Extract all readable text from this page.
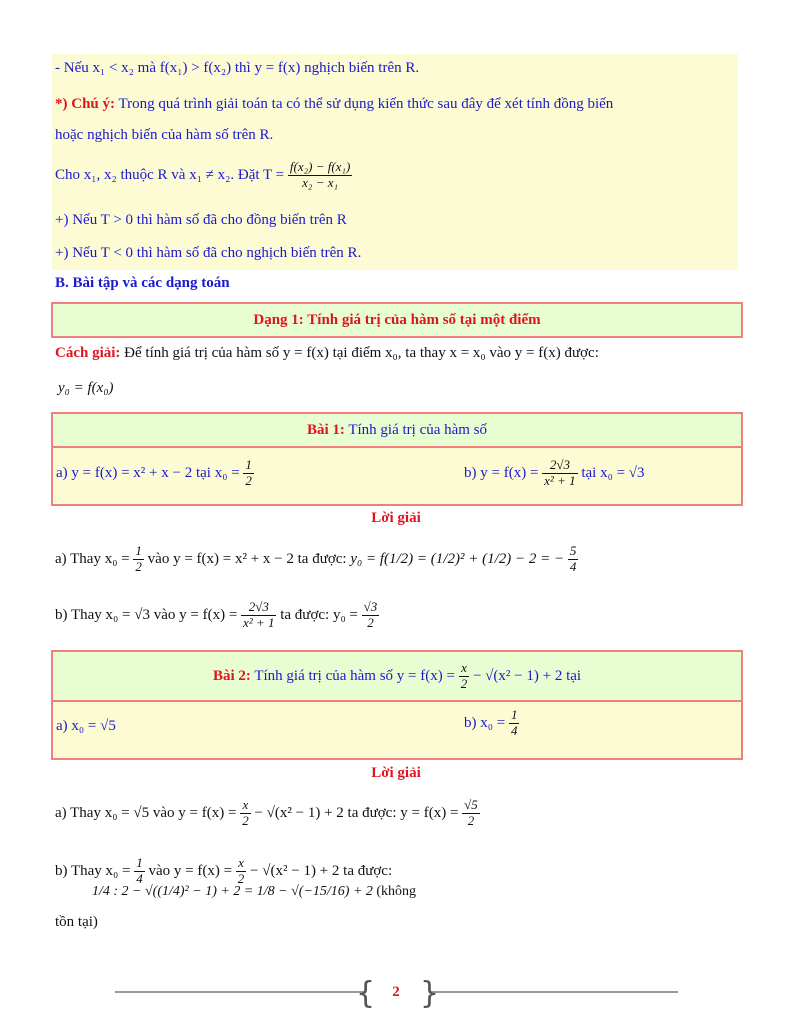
- Nếu x₁ < x₂ mà f(x₁) > f(x₂) thì y = f(x) nghịch biến trên R.
*) Chú ý: Trong quá trình giải toán ta có thể sử dụng kiến thức sau đây để xét tính đồng biến
hoặc nghịch biến của hàm số trên R.
Cho x₁, x₂ thuộc R và x₁ ≠ x₂. Đặt $T = \frac{\text{f(x₂) − f(x₁)}}{\text{x₂ − x₁}}$
+) Nếu T > 0 thì hàm số đã cho đồng biến trên R
+) Nếu T < 0 thì hàm số đã cho nghịch biến trên R.
B. Bài tập và các dạng toán
Dạng 1: Tính giá trị của hàm số tại một điểm
Cách giải: Để tính giá trị của hàm số y = f(x) tại điểm x₀, ta thay x = x₀ vào y = f(x) được:
y₀ = f(x₀)
Bài 1: Tính giá trị của hàm số
a) y = f(x) = x² + x − 2 tại $x_0 = \frac{1}{2}$	b) $y = f(x) = \frac{2√3}{\text{x² + 1}}$ tại x₀ = √3
Lời giải
a) Thay $x_0 = \frac{1}{2}$ vào y = f(x) = x² + x − 2 ta được: y₀ = f(1/2) = (1/2)² + (1/2) − 2 = − $\frac{5}{4}$
b) Thay x₀ = √3 vào $y = f(x) = \frac{2√3}{\text{x² + 1}}$ ta được: $y_0 = \frac{√3}{2}$
Bài 2: Tính giá trị của hàm số $y = f(x) = \frac{x}{2} - √(x^2 - 1) + 2$ tại
a) x₀ = √5	b) $x_0 = \frac{1}{4}$
Lời giải
a) Thay x₀ = √5 vào $y = f(x) = \frac{x}{2} - √(x^2 - 1) + 2$ ta được: $y = f(x) = \frac{√5}{2}$
b) Thay $x_0 = \frac{1}{4}$ vào $y = f(x) = \frac{x}{2} - √(x^2 - 1) + 2$ ta được:
1/4 : 2 − √((1/4)² − 1) + 2 = 1/8 − √(−15/16) + 2 (không
tồn tại)
{ }
2
